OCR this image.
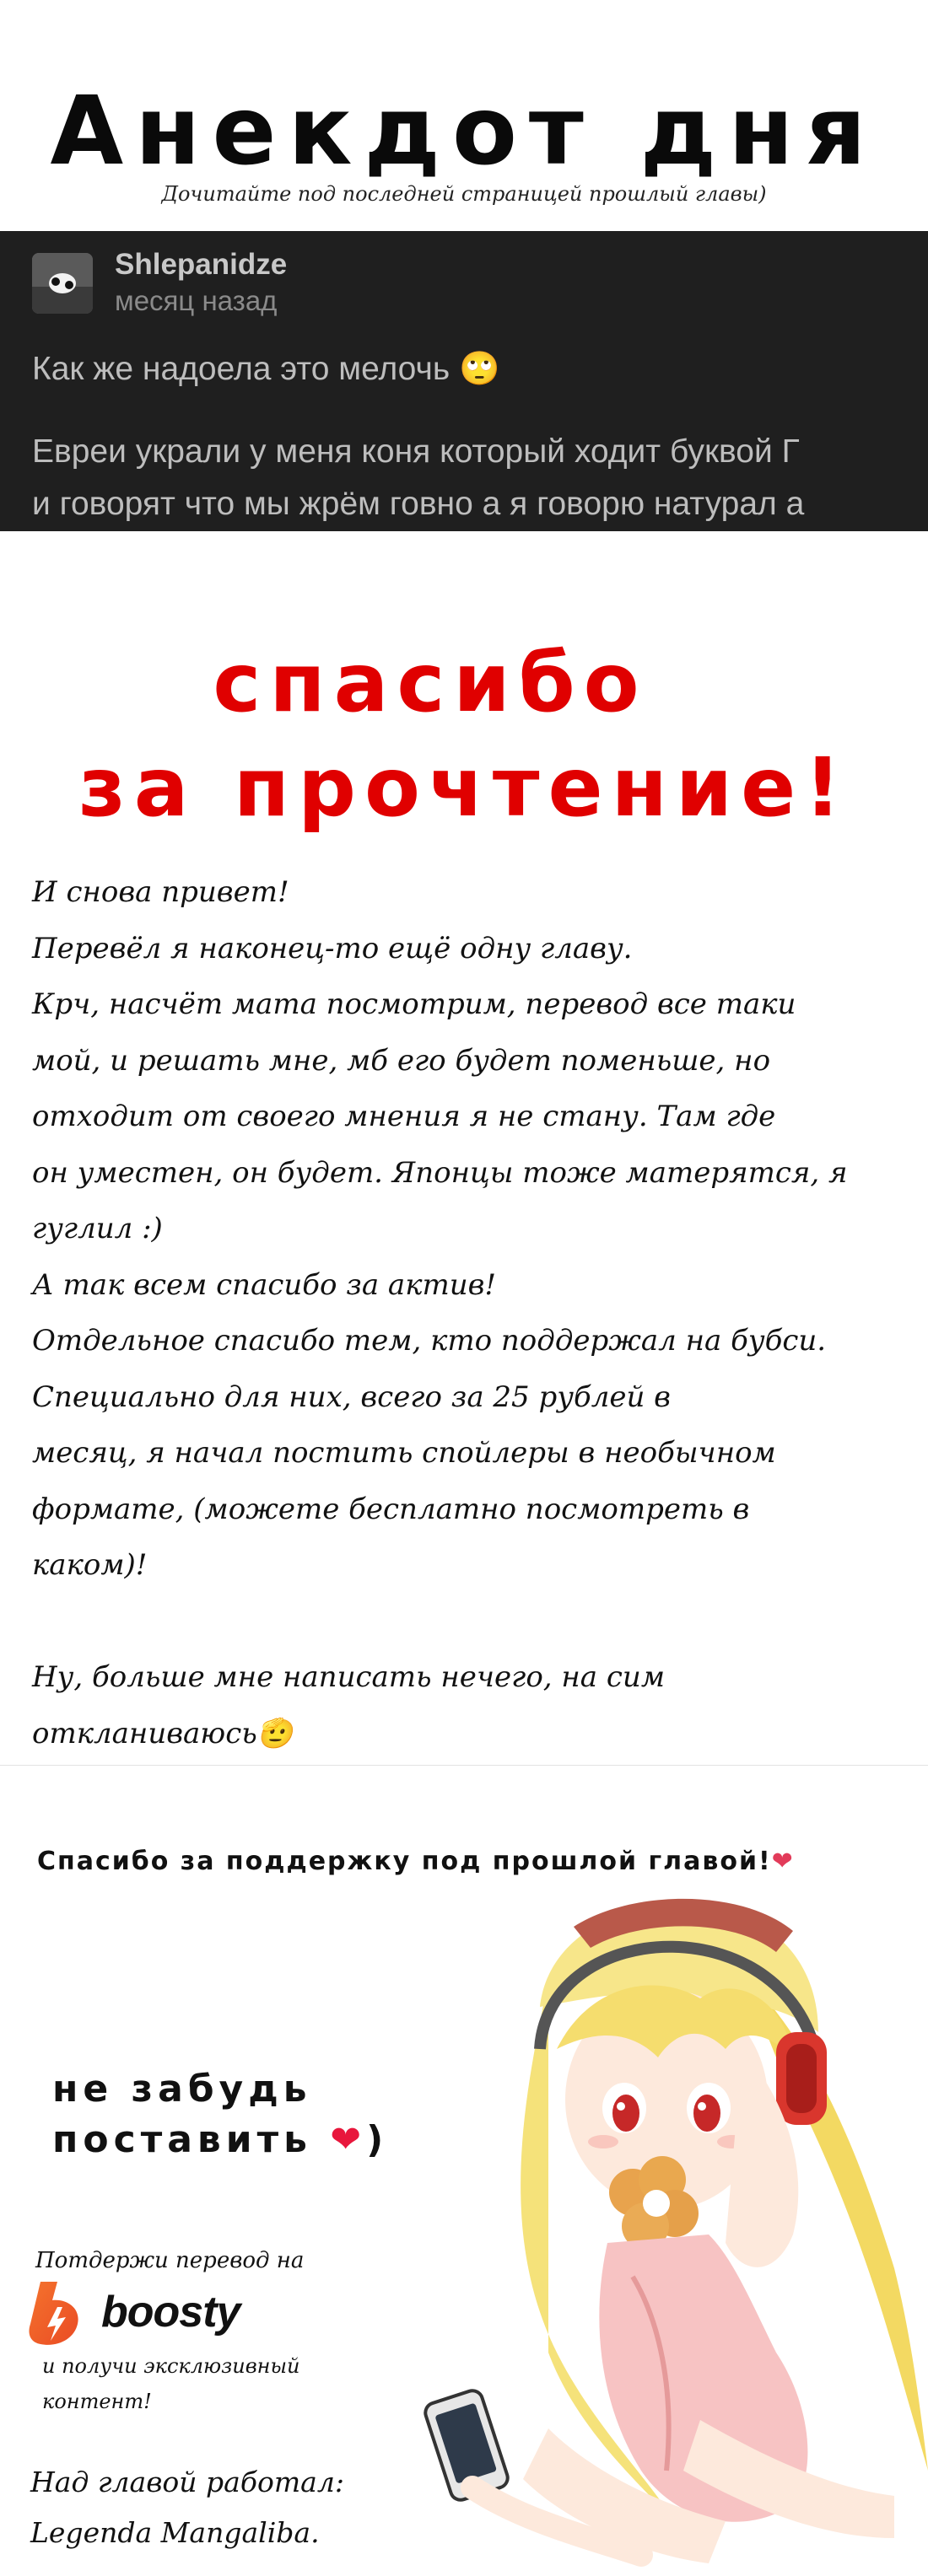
Анекдот дня
Дочитайте под последней страницей прошлый главы)
Shlepanidze
месяц назад
Как же надоела это мелочь 🙄
Евреи украли у меня коня который ходит буквой Г
и говорят что мы жрём говно а я говорю натурал а
спасибо
за прочтение!

И снова привет!

Перевёл я наконец-то ещё одну главу.

Крч, насчёт мата посмотрим, перевод все таки

мой, и решать мне, мб его будет поменьше, но

отходит от своего мнения я не стану. Там где

он уместен, он будет. Японцы тоже матерятся, я

гуглил :)

А так всем спасибо за актив!

Отдельное спасибо тем, кто поддержал на бубси.

Специально для них, всего за 25 рублей в

месяц, я начал постить спойлеры в необычном

формате, (можете бесплатно посмотреть в

каком)!

Ну, больше мне написать нечего, на сим

откланиваюсь🫡

Спасибо за поддержку под прошлой главой!❤
не забудь
поставить ❤)
Потдержи перевод на
boosty
и получи эксклюзивный
контент!
Над главой работал:
Legenda Mangaliba.
